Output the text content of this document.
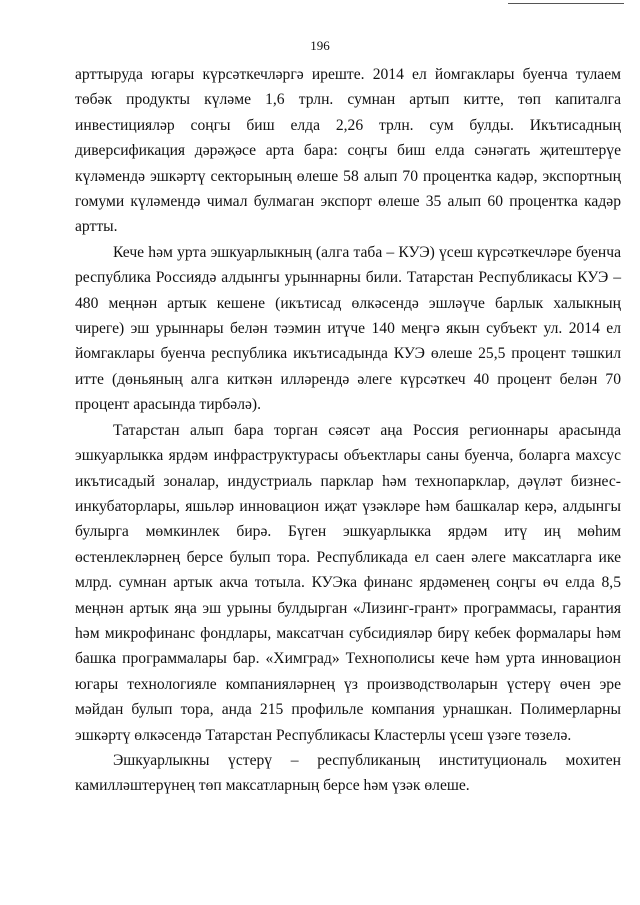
196

арттыруда югары күрсәткечләргә иреште. 2014 ел йомгаклары буенча тулаем төбәк продукты күләме 1,6 трлн. сумнан артып китте, төп капиталга инвестицияләр соңгы биш елда 2,26 трлн. сум булды. Икътисадның диверсификация дәрәҗәсе арта бара: соңгы биш елда сәнәгать җитештерүе күләмендә эшкәртү секторының өлеше 58 алып 70 процентка кадәр, экспортның гомуми күләмендә чимал булмаган экспорт өлеше 35 алып 60 процентка кадәр артты.

Кече һәм урта эшкуарлыкның (алга таба – КУЭ) үсеш күрсәткечләре буенча республика Россиядә алдынгы урыннарны били. Татарстан Республикасы КУЭ – 480 меңнән артык кешене (икътисад өлкәсендә эшләүче барлык халыкның чиреге) эш урыннары белән тәэмин итүче 140 меңгә якын субъект ул. 2014 ел йомгаклары буенча республика икътисадында КУЭ өлеше 25,5 процент тәшкил итте (дөньяның алга киткән илләрендә әлеге күрсәткеч 40 процент белән 70 процент арасында тирбәлә).

Татарстан алып бара торган сәясәт аңа Россия регионнары арасында эшкуарлыкка ярдәм инфраструктурасы объектлары саны буенча, боларга махсус икътисадый зоналар, индустриаль парклар һәм технопарклар, дәүләт бизнес-инкубаторлары, яшьләр инновацион иҗат үзәкләре һәм башкалар керә, алдынгы булырга мөмкинлек бирә. Бүген эшкуарлыкка ярдәм итү иң мөһим өстенлекләрнең берсе булып тора. Республикада ел саен әлеге максатларга ике млрд. сумнан артык акча тотыла. КУЭка финанс ярдәменең соңгы өч елда 8,5 меңнән артык яңа эш урыны булдырган «Лизинг-грант» программасы, гарантия һәм микрофинанс фондлары, максатчан субсидияләр бирү кебек формалары һәм башка программалары бар. «Химград» Технополисы кече һәм урта инновацион югары технологияле компанияләрнең үз производстволарын үстерү өчен эре мәйдан булып тора, анда 215 профильле компания урнашкан. Полимерларны эшкәртү өлкәсендә Татарстан Республикасы Кластерлы үсеш үзәге төзелә.

Эшкуарлыкны үстерү – республиканың институциональ мохитен камилләштерүнең төп максатларның берсе һәм үзәк өлеше.
